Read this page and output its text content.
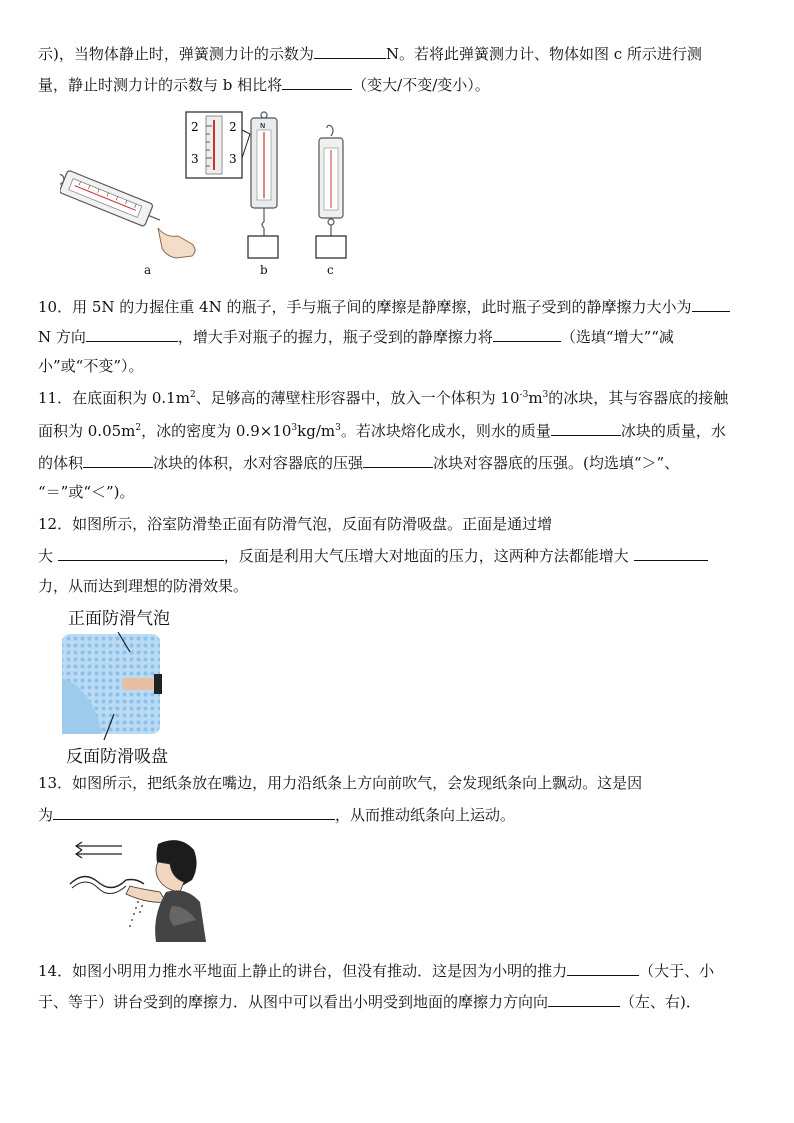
示)，当物体静止时，弹簧测力计的示数为	N。若将此弹簧测力计、物体如图 c 所示进行测
量，静止时测力计的示数与 b 相比将	（变大/不变/变小）。
2	2
3	3
N
a	b	c
10．用 5N 的力握住重 4N 的瓶子，手与瓶子间的摩擦是静摩擦，此时瓶子受到的静摩擦力大小为
N 方向	，增大手对瓶子的握力，瓶子受到的静摩擦力将	（选填“增大”“减
小”或“不变”）。
11．在底面积为 $0.1m^2$、足够高的薄壁柱形容器中，放入一个体积为 $10^{-3}m^3$的冰块，其与容器底的接触
面积为 $0.05m^2$，冰的密度为 $0.9\times 10^3kg/m^3$。若冰块熔化成水，则水的质量	冰块的质量，水
的体积	冰块的体积，水对容器底的压强	冰块对容器底的压强。(均选填“＞”、
“＝”或“＜”)。
12．如图所示，浴室防滑垫正面有防滑气泡，反面有防滑吸盘。正面是通过增
大	，反面是利用大气压增大对地面的压力，这两种方法都能增大
力，从而达到理想的防滑效果。
正面防滑气泡
反面防滑吸盘
13．如图所示，把纸条放在嘴边，用力沿纸条上方向前吹气，会发现纸条向上飘动。这是因
为	，从而推动纸条向上运动。
14．如图小明用力推水平地面上静止的讲台，但没有推动．这是因为小明的推力	（大于、小
于、等于）讲台受到的摩擦力．从图中可以看出小明受到地面的摩擦力方向向	（左、右)．
